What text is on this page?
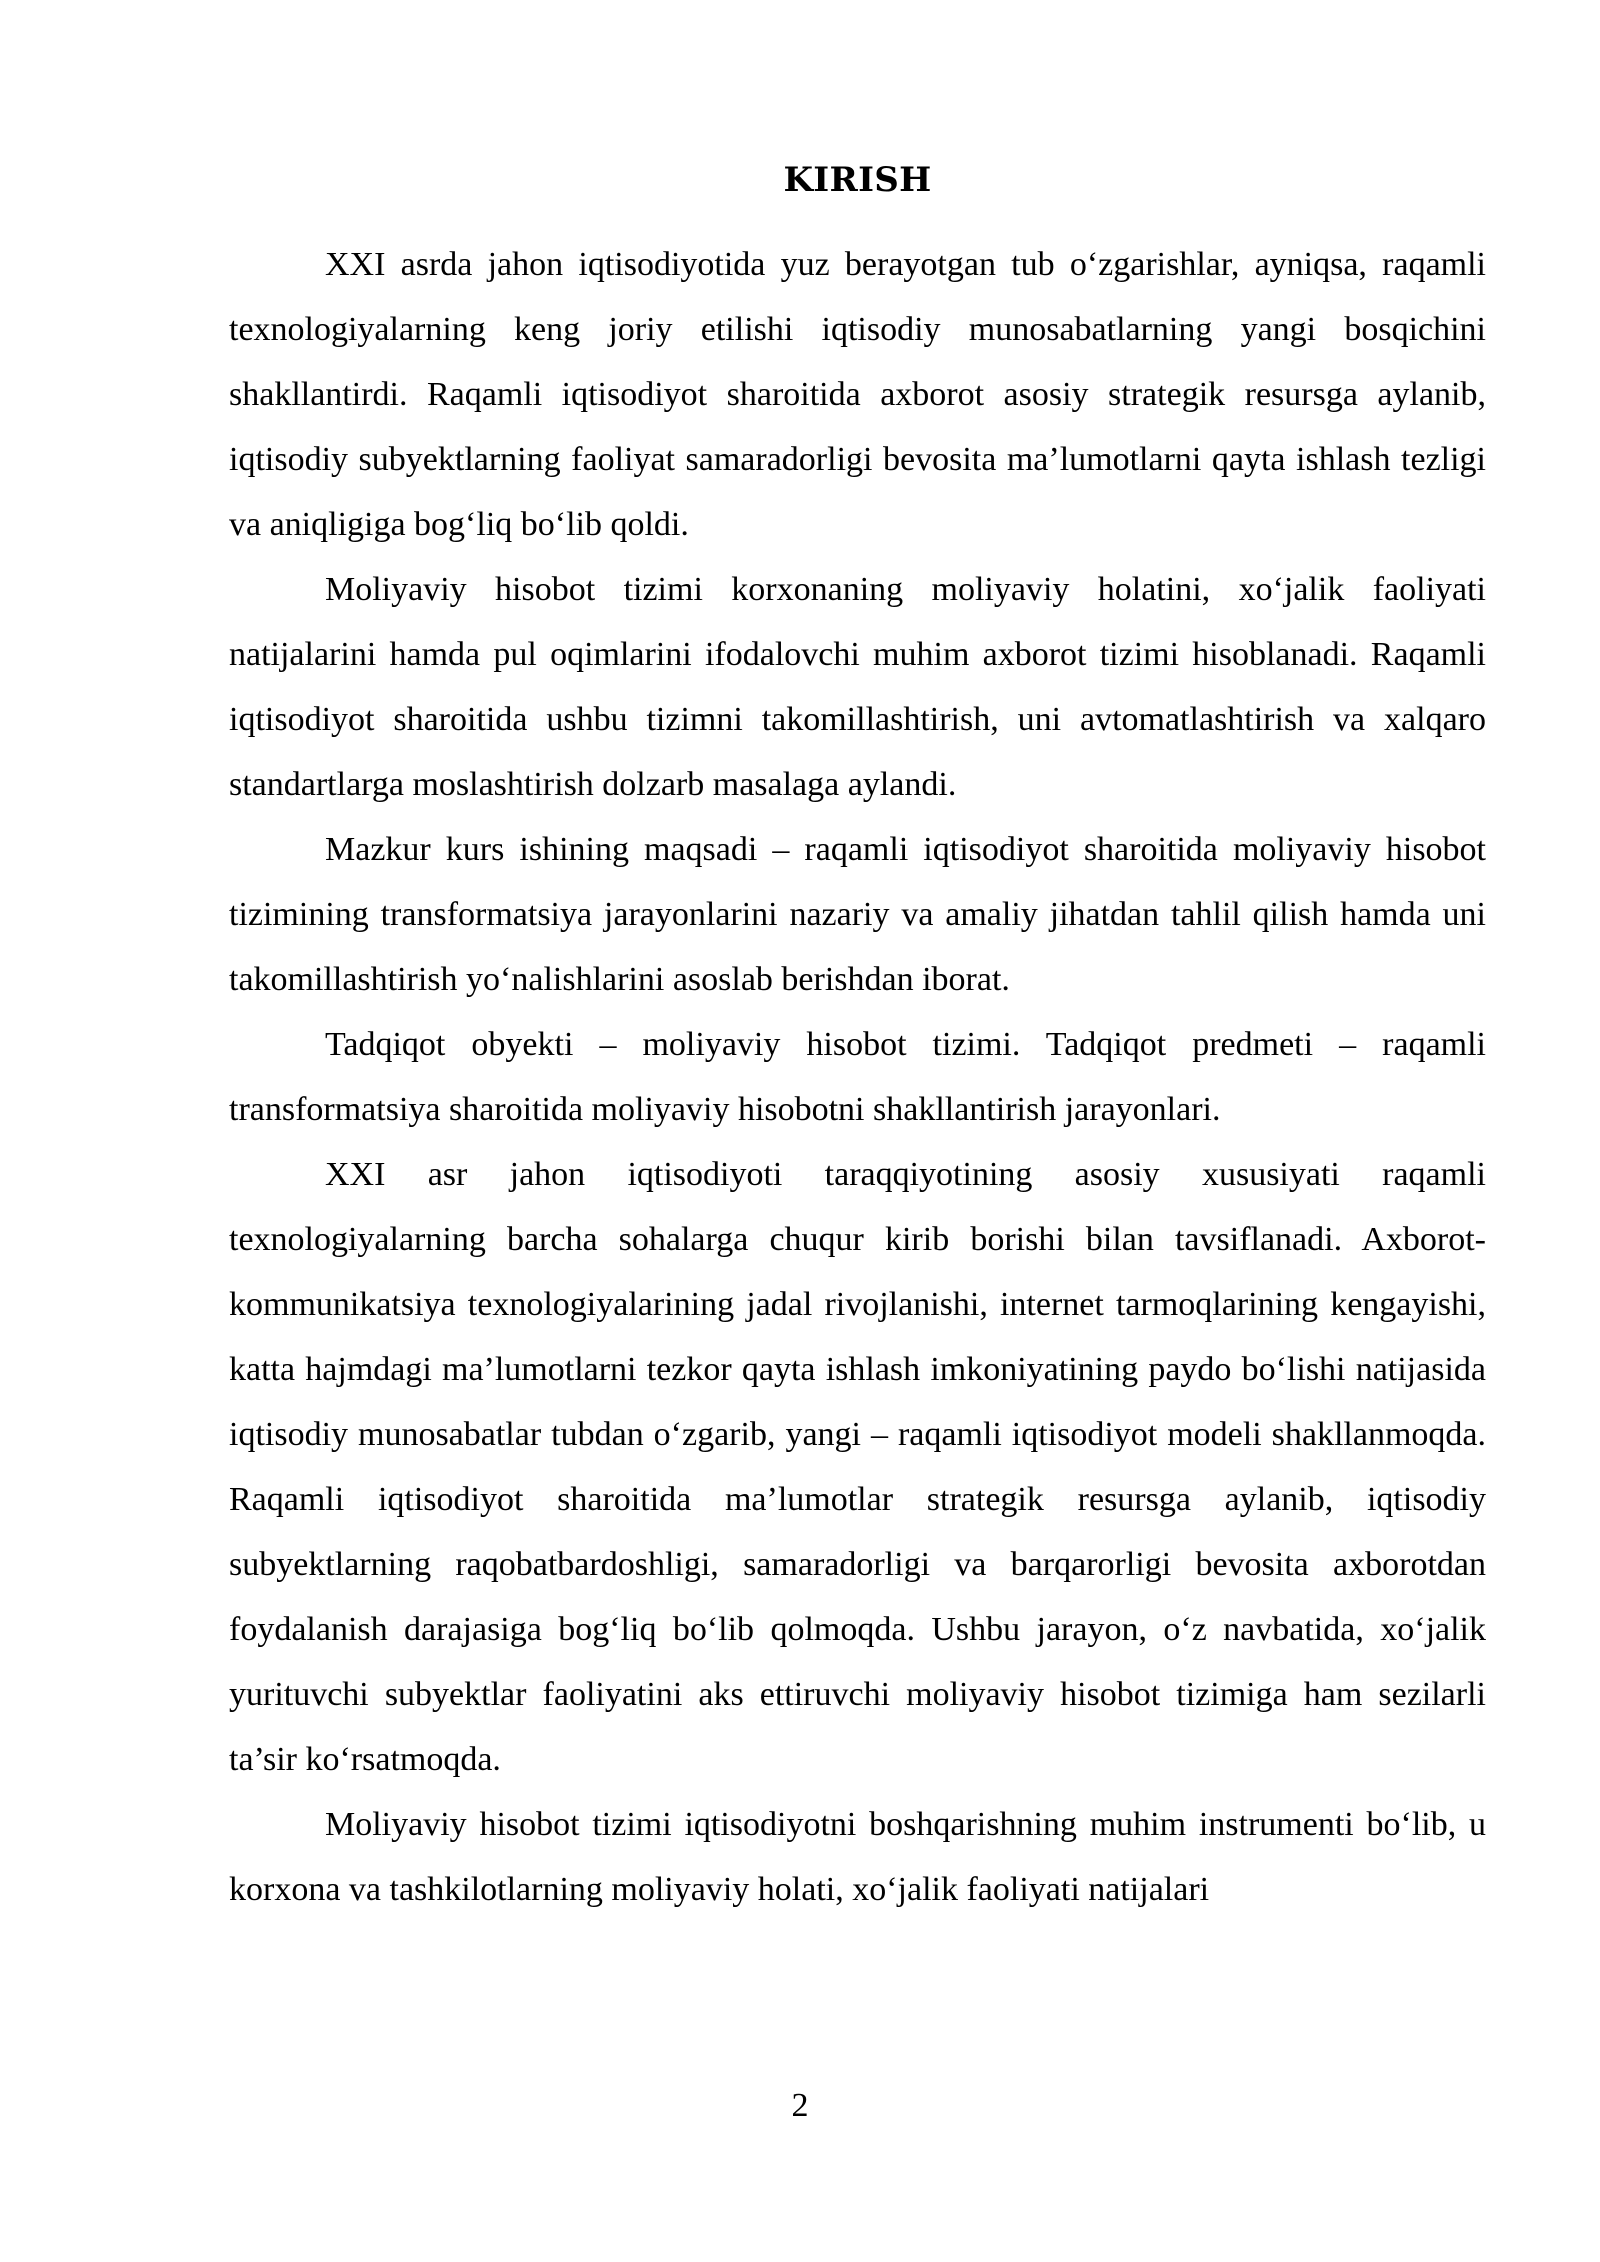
KIRISH

XXI asrda jahon iqtisodiyotida yuz berayotgan tub o‘zgarishlar, ayniqsa, raqamli texnologiyalarning keng joriy etilishi iqtisodiy munosabatlarning yangi bosqichini shakllantirdi. Raqamli iqtisodiyot sharoitida axborot asosiy strategik resursga aylanib, iqtisodiy subyektlarning faoliyat samaradorligi bevosita ma’lumotlarni qayta ishlash tezligi va aniqligiga bog‘liq bo‘lib qoldi.

Moliyaviy hisobot tizimi korxonaning moliyaviy holatini, xo‘jalik faoliyati natijalarini hamda pul oqimlarini ifodalovchi muhim axborot tizimi hisoblanadi. Raqamli iqtisodiyot sharoitida ushbu tizimni takomillashtirish, uni avtomatlashtirish va xalqaro standartlarga moslashtirish dolzarb masalaga aylandi.

Mazkur kurs ishining maqsadi – raqamli iqtisodiyot sharoitida moliyaviy hisobot tizimining transformatsiya jarayonlarini nazariy va amaliy jihatdan tahlil qilish hamda uni takomillashtirish yo‘nalishlarini asoslab berishdan iborat.

Tadqiqot obyekti – moliyaviy hisobot tizimi. Tadqiqot predmeti – raqamli transformatsiya sharoitida moliyaviy hisobotni shakllantirish jarayonlari.

XXI asr jahon iqtisodiyoti taraqqiyotining asosiy xususiyati raqamli texnologiyalarning barcha sohalarga chuqur kirib borishi bilan tavsiflanadi. Axborot-kommunikatsiya texnologiyalarining jadal rivojlanishi, internet tarmoqlarining kengayishi, katta hajmdagi ma’lumotlarni tezkor qayta ishlash imkoniyatining paydo bo‘lishi natijasida iqtisodiy munosabatlar tubdan o‘zgarib, yangi – raqamli iqtisodiyot modeli shakllanmoqda. Raqamli iqtisodiyot sharoitida ma’lumotlar strategik resursga aylanib, iqtisodiy subyektlarning raqobatbardoshligi, samaradorligi va barqarorligi bevosita axborotdan foydalanish darajasiga bog‘liq bo‘lib qolmoqda. Ushbu jarayon, o‘z navbatida, xo‘jalik yurituvchi subyektlar faoliyatini aks ettiruvchi moliyaviy hisobot tizimiga ham sezilarli ta’sir ko‘rsatmoqda.

Moliyaviy hisobot tizimi iqtisodiyotni boshqarishning muhim instrumenti bo‘lib, u korxona va tashkilotlarning moliyaviy holati, xo‘jalik faoliyati natijalari

2
